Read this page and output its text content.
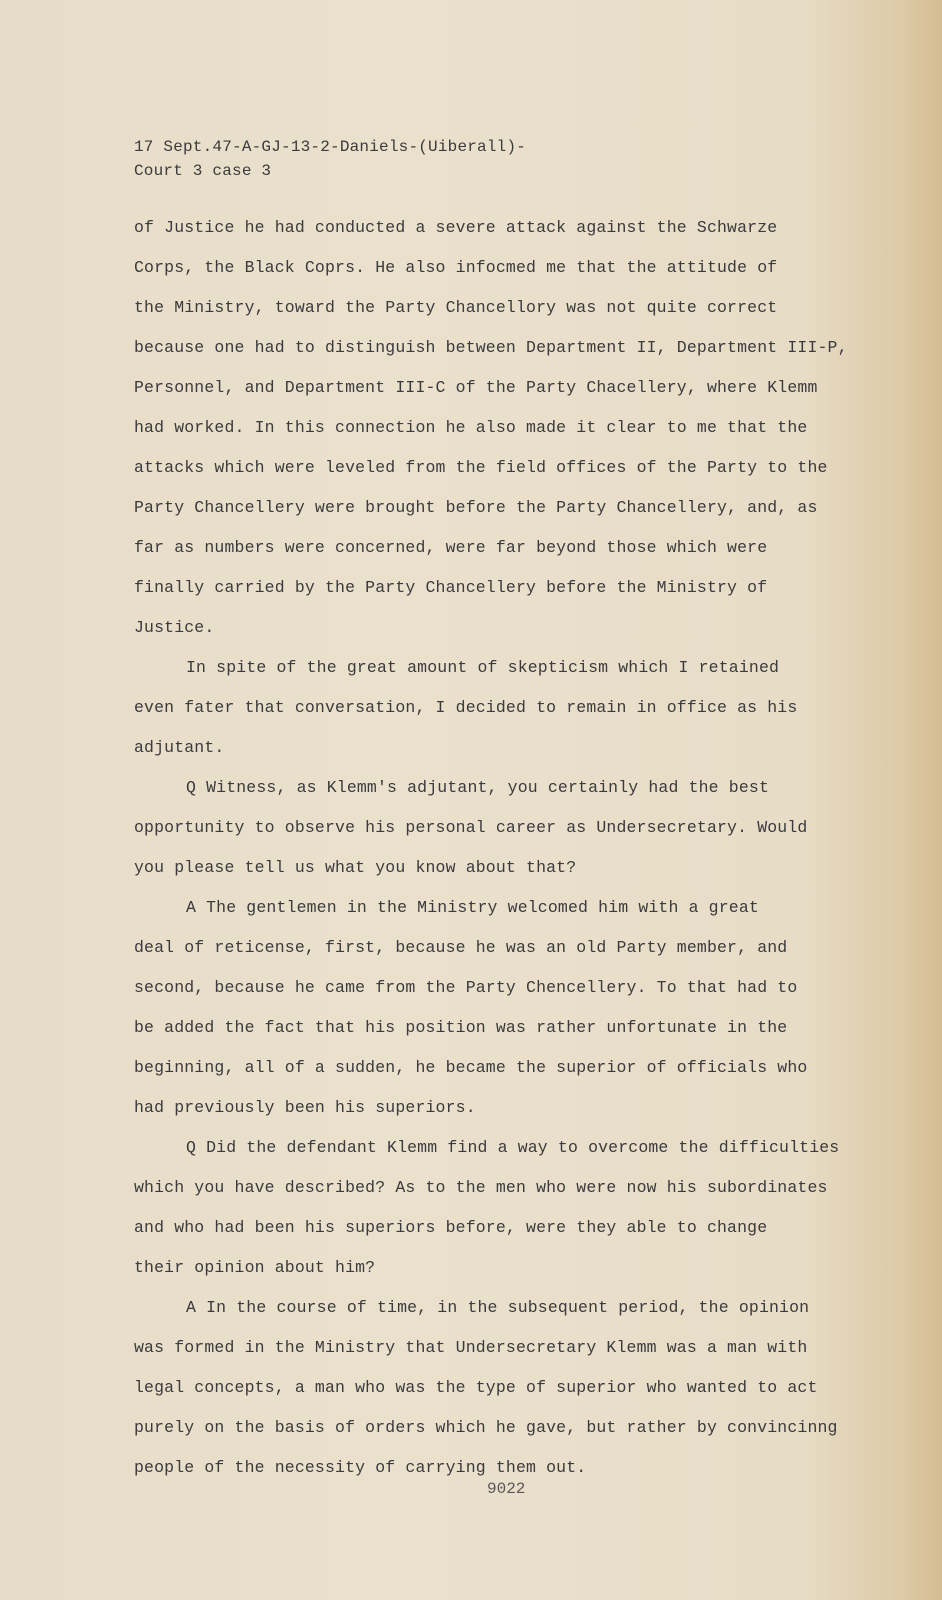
17 Sept.47-A-GJ-13-2-Daniels-(Uiberall)-
Court 3 case 3
of Justice he had conducted a severe attack against the Schwarze
Corps, the Black Coprs. He also infocmed me that the attitude of
the Ministry, toward the Party Chancellory was not quite correct
because one had to distinguish between Department II, Department III-P,
Personnel, and Department III-C of the Party Chacellery, where Klemm
had worked. In this connection he also made it clear to me that the
attacks which were leveled from the field offices of the Party to the
Party Chancellery were brought before the Party Chancellery, and, as
far as numbers were concerned, were far beyond those which were
finally carried by the Party Chancellery before the Ministry of
Justice.
In spite of the great amount of skepticism which I retained
even fater that conversation, I decided to remain in office as his
adjutant.
Q Witness, as Klemm's adjutant, you certainly had the best
opportunity to observe his personal career as Undersecretary. Would
you please tell us what you know about that?
A The gentlemen in the Ministry welcomed him with a great
deal of reticense, first, because he was an old Party member, and
second, because he came from the Party Chencellery. To that had to
be added the fact that his position was rather unfortunate in the
beginning, all of a sudden, he became the superior of officials who
had previously been his superiors.
Q Did the defendant Klemm find a way to overcome the difficulties
which you have described? As to the men who were now his subordinates
and who had been his superiors before, were they able to change
their opinion about him?
A In the course of time, in the subsequent period, the opinion
was formed in the Ministry that Undersecretary Klemm was a man with
legal concepts, a man who was the type of superior who wanted to act
purely on the basis of orders which he gave, but rather by convincinng
people of the necessity of carrying them out.
9022
